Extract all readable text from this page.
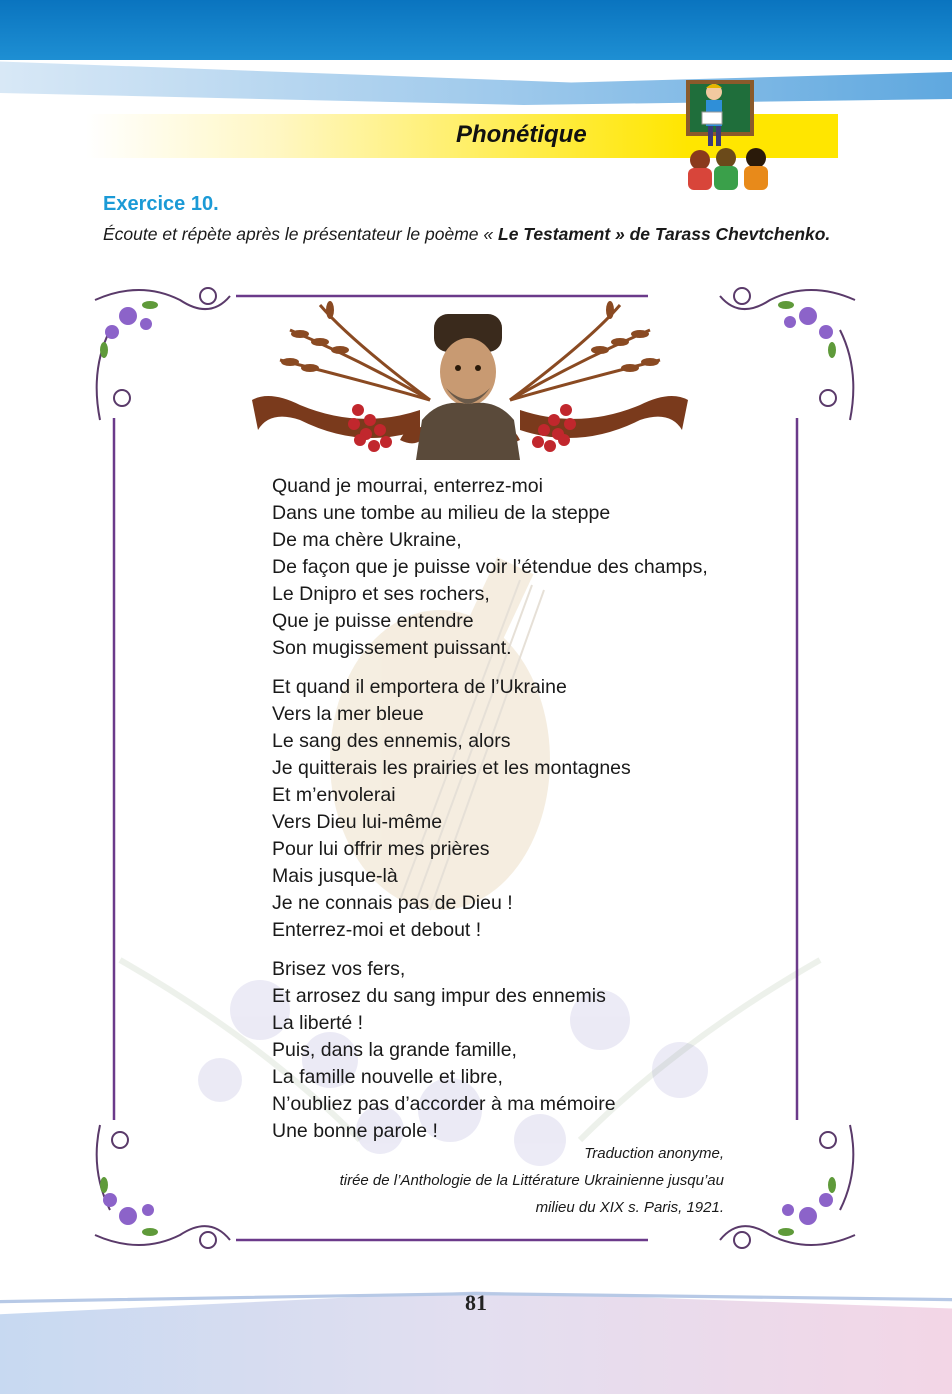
Phonétique
Exercice 10.
Écoute et répète après le présentateur le poème « Le Testament » de Tarass Chevtchenko.
Quand je mourrai, enterrez-moi
Dans une tombe au milieu de la steppe
De ma chère Ukraine,
De façon que je puisse voir l’étendue des champs,
Le Dnipro et ses rochers,
Que je puisse entendre
Son mugissement puissant.
Et quand il emportera de l’Ukraine
Vers la mer bleue
Le sang des ennemis, alors
Je quitterais les prairies et les montagnes
Et m’envolerai
Vers Dieu lui-même
Pour lui offrir mes prières
Mais jusque-là
Je ne connais pas de Dieu !
Enterrez-moi et debout !
Brisez vos fers,
Et arrosez du sang impur des ennemis
La liberté !
Puis, dans la grande famille,
La famille nouvelle et libre,
N’oubliez pas d’accorder à ma mémoire
Une bonne parole !
Traduction anonyme,
tirée de l’Anthologie de la Littérature Ukrainienne jusqu’au
milieu du XIX s. Paris, 1921.
81
